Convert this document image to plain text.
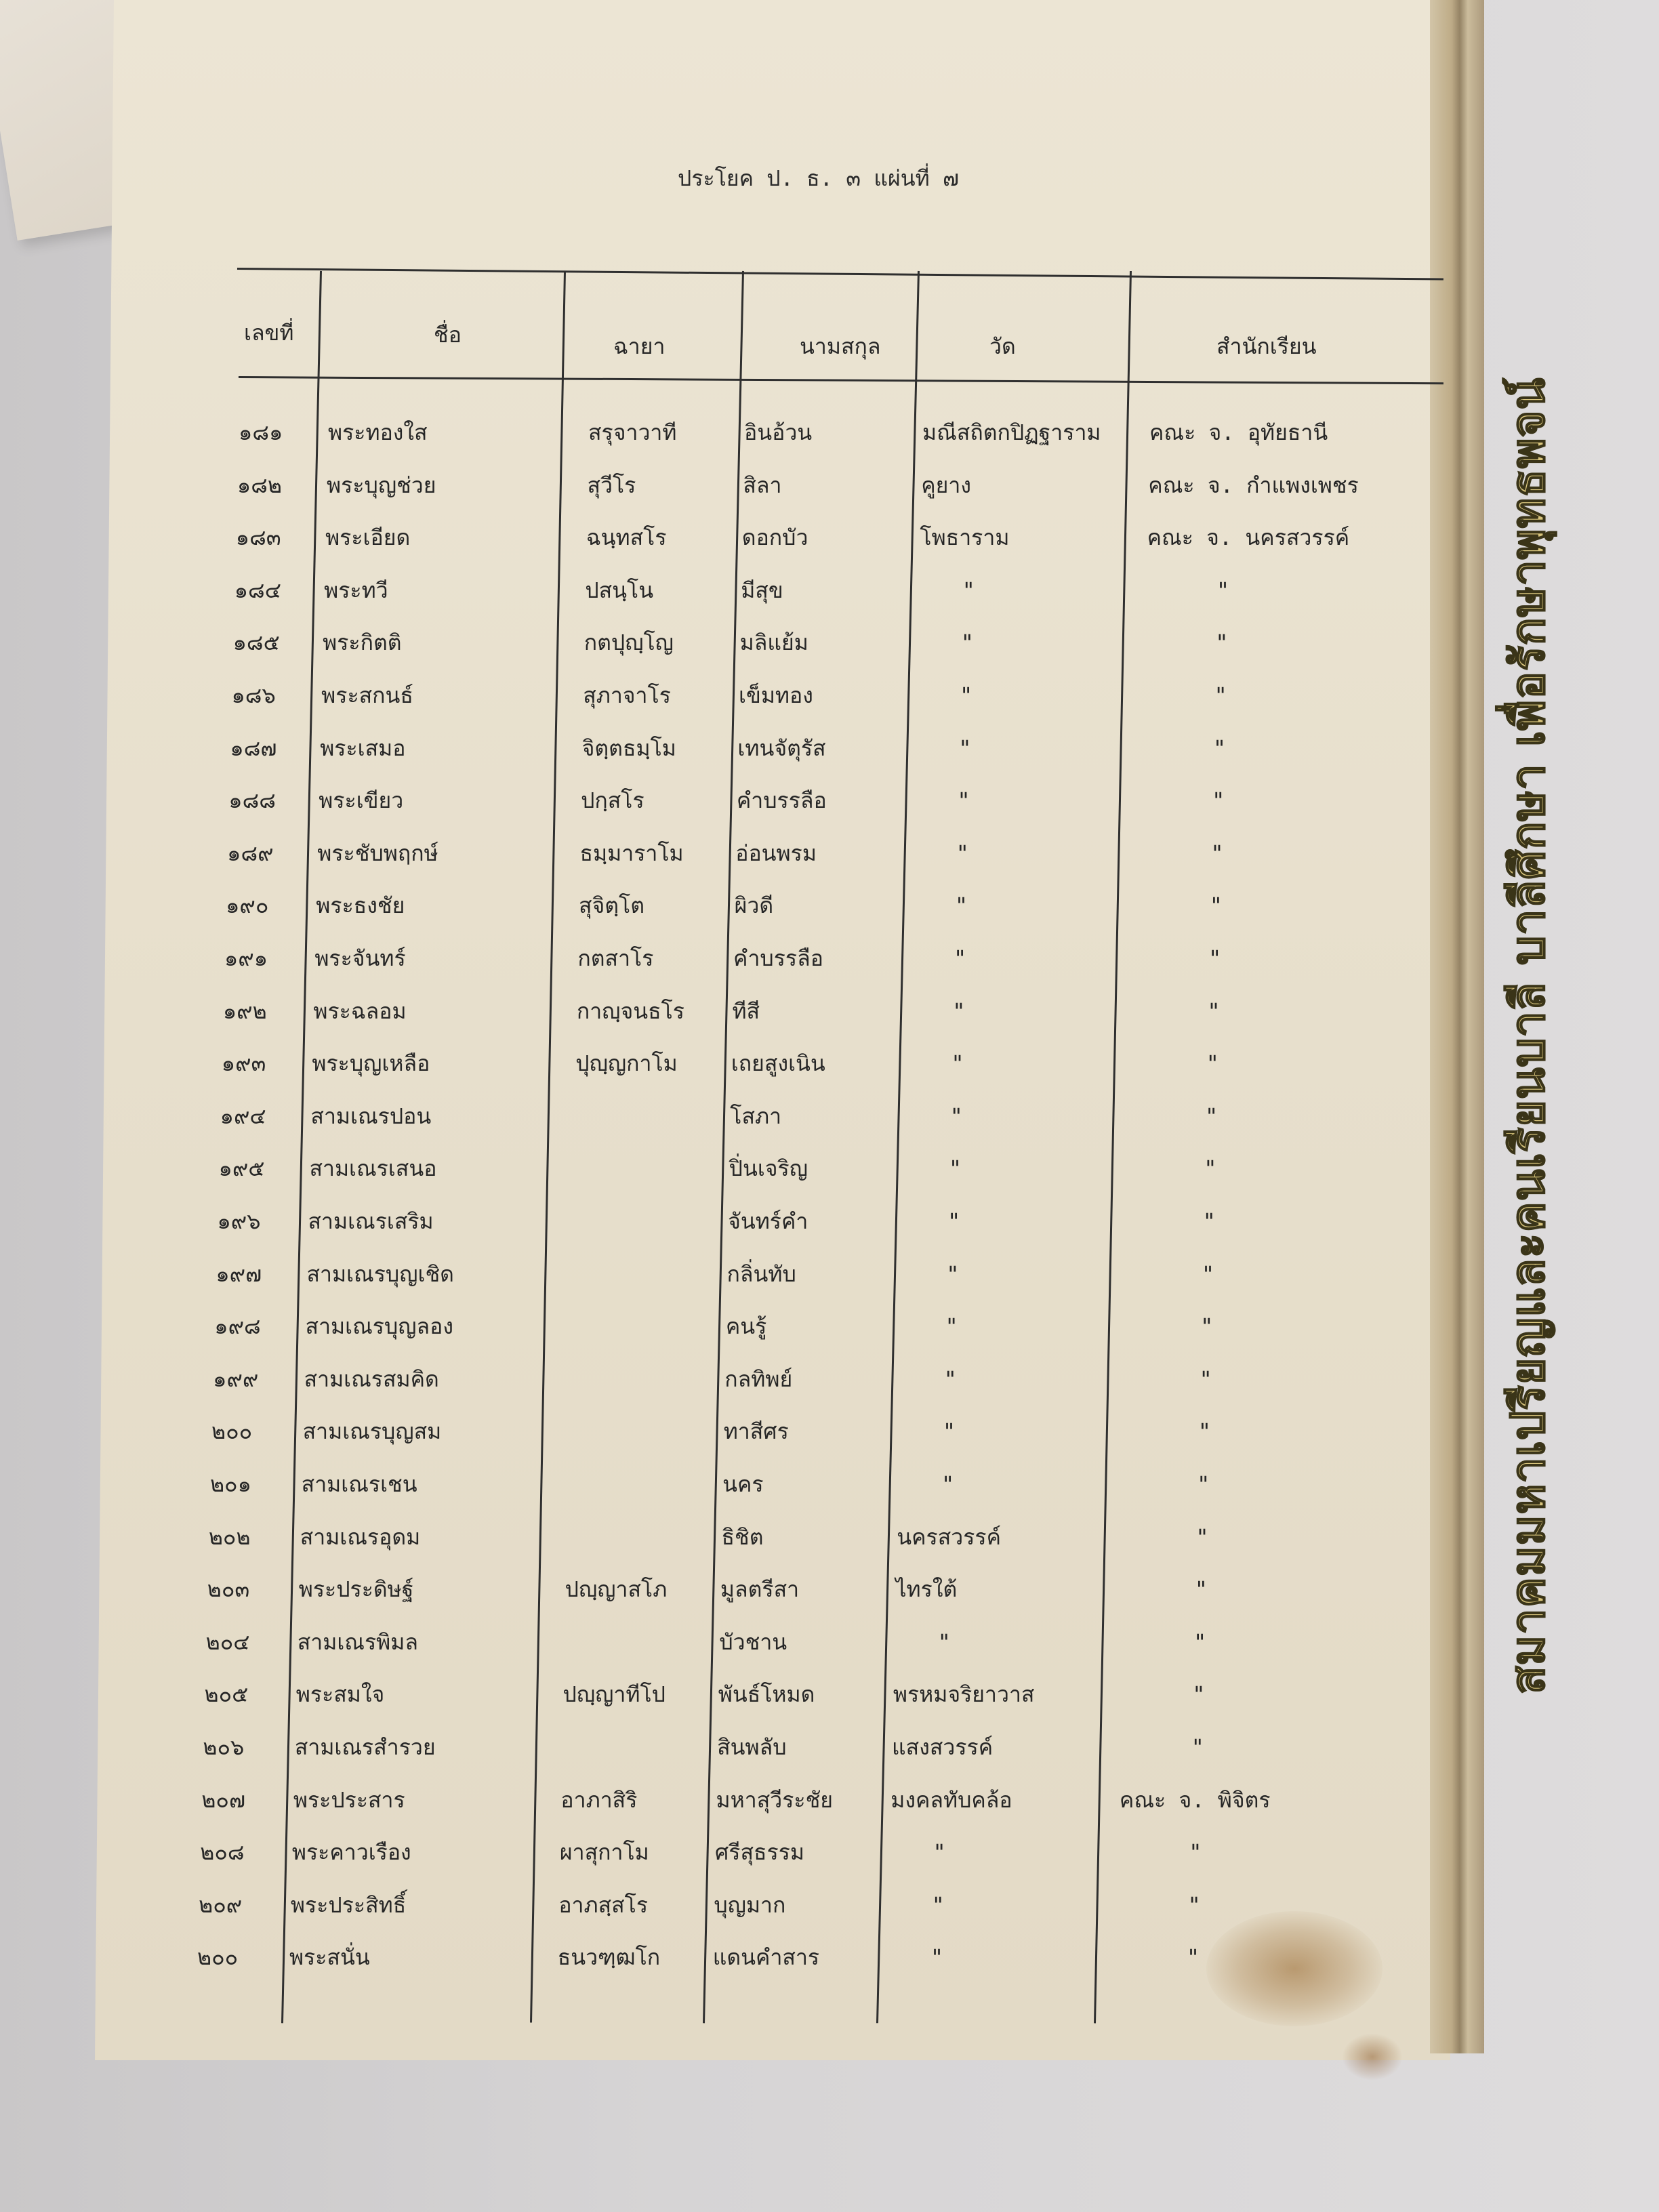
ประโยค ป. ธ. ๓ แผ่นที่ ๗
เลขที่	ชื่อ	ฉายา	นามสกุล	วัด	สำนักเรียน
๑๘๑ พระทองใส	สรุจาวาที	อินอ้วน	มณีสถิตกปิฏฐาราม คณะ จ. อุทัยธานี
๑๘๒ พระบุญช่วย	สุวีโร	สิลา	คูยาง	คณะ จ. กำแพงเพชร
๑๘๓ พระเอียด	ฉนฺทสโร	ดอกบัว	โพธาราม	คณะ จ. นครสวรรค์
๑๘๔ พระทวี	ปสนฺโน	มีสุข	"	"
๑๘๕ พระกิตติ	กตปุญฺโญ	มลิแย้ม	"	"
๑๘๖ พระสกนธ์	สุภาจาโร	เข็มทอง	"	"
๑๘๗ พระเสมอ	จิตฺตธมฺโม	เทนจัตุรัส	"	"
๑๘๘ พระเขียว	ปกฺสโร	คำบรรลือ	"	"
๑๘๙ พระชับพฤกษ์	ธมฺมาราโม อ่อนพรม	"	"
๑๙๐ พระธงชัย	สุจิตฺโต	ผิวดี	"	"
๑๙๑ พระจันทร์	กตสาโร	คำบรรลือ	"	"
๑๙๒ พระฉลอม	กาญฺจนธโร ทีสี	"	"
๑๙๓ พระบุญเหลือ	ปุญฺญกาโม เถยสูงเนิน	"	"
๑๙๔ สามเณรปอน	โสภา	"	"
๑๙๕ สามเณรเสนอ	ปิ่นเจริญ	"	"
๑๙๖ สามเณรเสริม	จันทร์คำ	"	"
๑๙๗ สามเณรบุญเชิด	กลิ่นทับ	"	"
๑๙๘ สามเณรบุญลอง	คนรู้	"	"
๑๙๙ สามเณรสมคิด	กลทิพย์	"	"
๒๐๐ สามเณรบุญสม	ทาสีศร	"	"
๒๐๑ สามเณรเชน	นคร	"	"
๒๐๒ สามเณรอุดม	ธิชิต	นครสวรรค์	"
๒๐๓ พระประดิษฐ์	ปญฺญาสโภ มูลตรีสา	ไทรใต้	"
๒๐๔ สามเณรพิมล	บัวชาน	"	"
๒๐๕ พระสมใจ	ปญฺญาทีโป พันธ์โหมด	พรหมจริยาวาส	"
๒๐๖ สามเณรสำรวย	สินพลับ	แสงสวรรค์	"
๒๐๗ พระประสาร	อาภาสิริ	มหาสุวีระชัย	มงคลทับคล้อ	คณะ จ. พิจิตร
๒๐๘ พระคาวเรือง	ผาสุกาโม	ศรีสุธรรม	"	"
๒๐๙ พระประสิทธิ์	อาภสฺสโร	บุญมาก	"	"
๒๐๐ พระสนั่น	ธนวฑฺฒโก แดนคำสาร	"	"
สมาคมมหาเปรียญและคนเรียนบาลี บาลีศึกษา เพื่อรักษาพุทธพจน์
